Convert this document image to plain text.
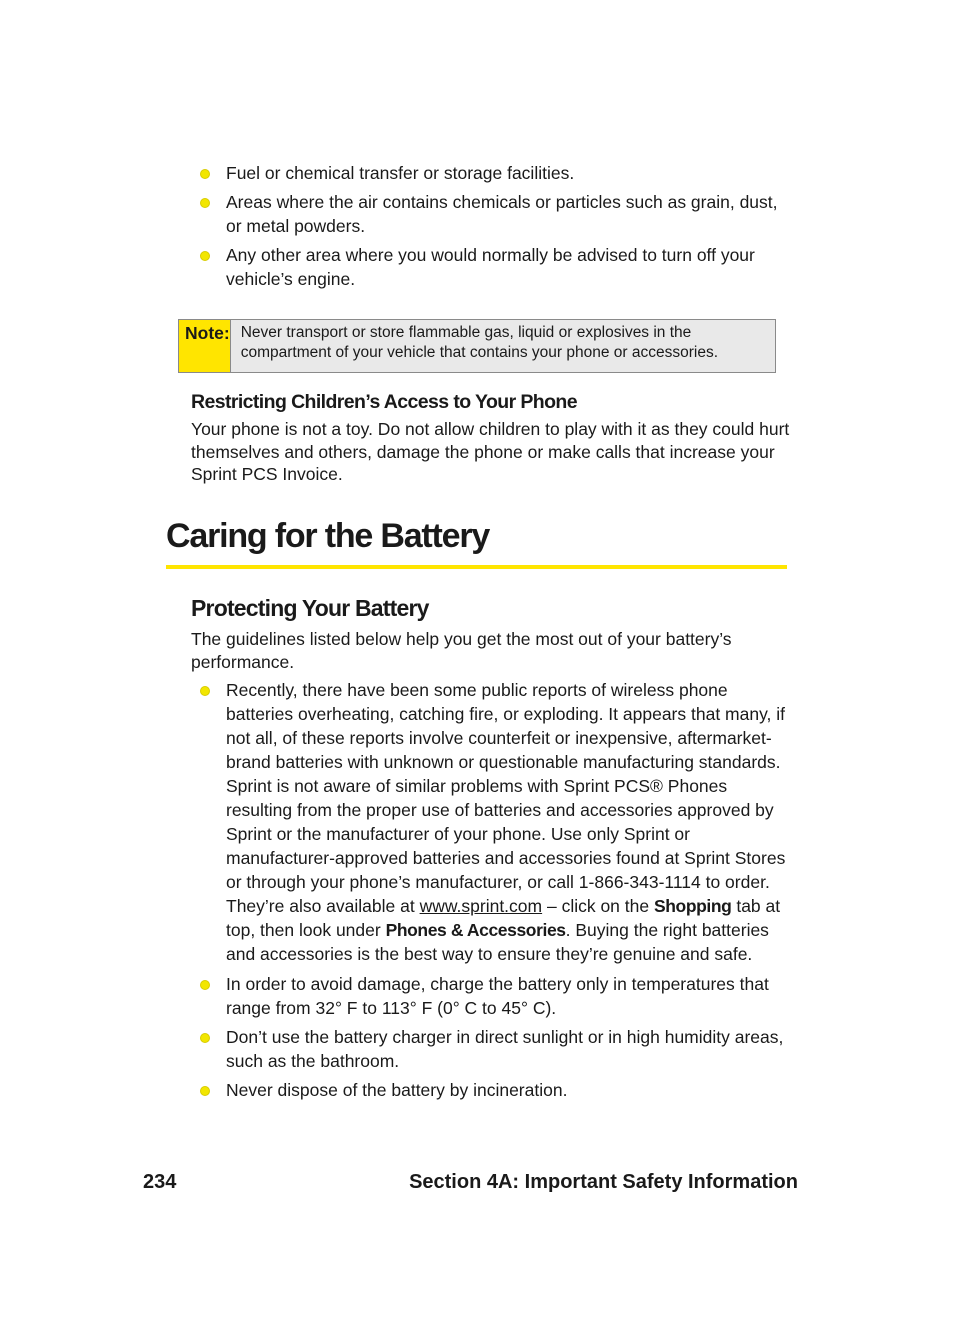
Fuel or chemical transfer or storage facilities.
Areas where the air contains chemicals or particles such as grain, dust, or metal powders.
Any other area where you would normally be advised to turn off your vehicle’s engine.
Note: Never transport or store flammable gas, liquid or explosives in the compartment of your vehicle that contains your phone or accessories.
Restricting Children’s Access to Your Phone
Your phone is not a toy. Do not allow children to play with it as they could hurt themselves and others, damage the phone or make calls that increase your Sprint PCS Invoice.
Caring for the Battery
Protecting Your Battery
The guidelines listed below help you get the most out of your battery’s performance.
Recently, there have been some public reports of wireless phone batteries overheating, catching fire, or exploding. It appears that many, if not all, of these reports involve counterfeit or inexpensive, aftermarket-brand batteries with unknown or questionable manufacturing standards. Sprint is not aware of similar problems with Sprint PCS® Phones resulting from the proper use of batteries and accessories approved by Sprint or the manufacturer of your phone. Use only Sprint or manufacturer-approved batteries and accessories found at Sprint Stores or through your phone’s manufacturer, or call 1-866-343-1114 to order. They’re also available at www.sprint.com – click on the Shopping tab at top, then look under Phones & Accessories. Buying the right batteries and accessories is the best way to ensure they’re genuine and safe.
In order to avoid damage, charge the battery only in temperatures that range from 32° F to 113° F (0° C to 45° C).
Don’t use the battery charger in direct sunlight or in high humidity areas, such as the bathroom.
Never dispose of the battery by incineration.
234	Section 4A: Important Safety Information
